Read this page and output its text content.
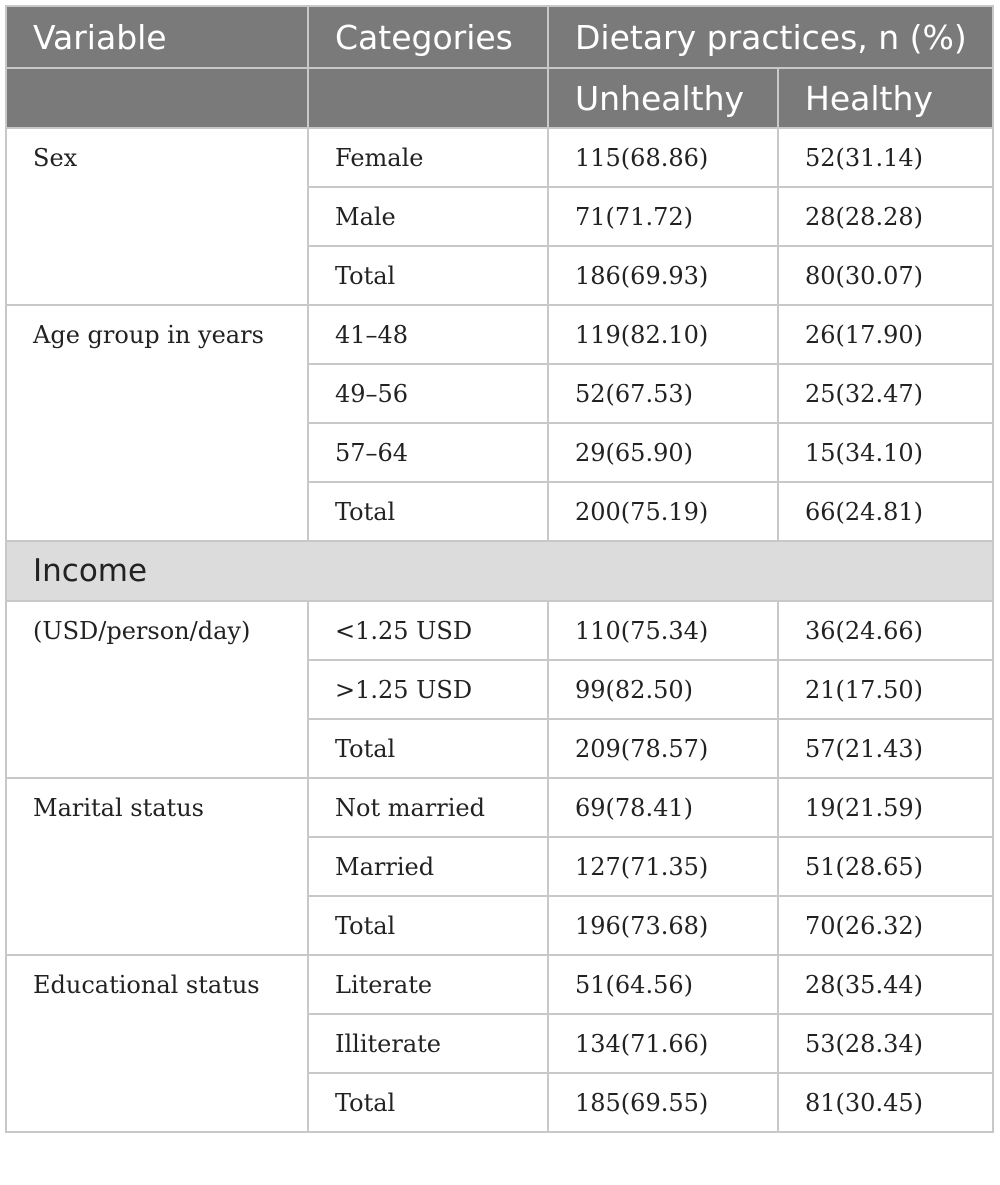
Variable	Categories	Dietary practices, n (%)	
		Unhealthy	Healthy
Sex	Female	115(68.86)	52(31.14)
	Male	71(71.72)	28(28.28)
	Total	186(69.93)	80(30.07)
Age group in years	41–48	119(82.10)	26(17.90)
	49–56	52(67.53)	25(32.47)
	57–64	29(65.90)	15(34.10)
	Total	200(75.19)	66(24.81)
Income			
(USD/person/day)	<1.25 USD	110(75.34)	36(24.66)
	>1.25 USD	99(82.50)	21(17.50)
	Total	209(78.57)	57(21.43)
Marital status	Not married	69(78.41)	19(21.59)
	Married	127(71.35)	51(28.65)
	Total	196(73.68)	70(26.32)
Educational status	Literate	51(64.56)	28(35.44)
	Illiterate	134(71.66)	53(28.34)
	Total	185(69.55)	81(30.45)
